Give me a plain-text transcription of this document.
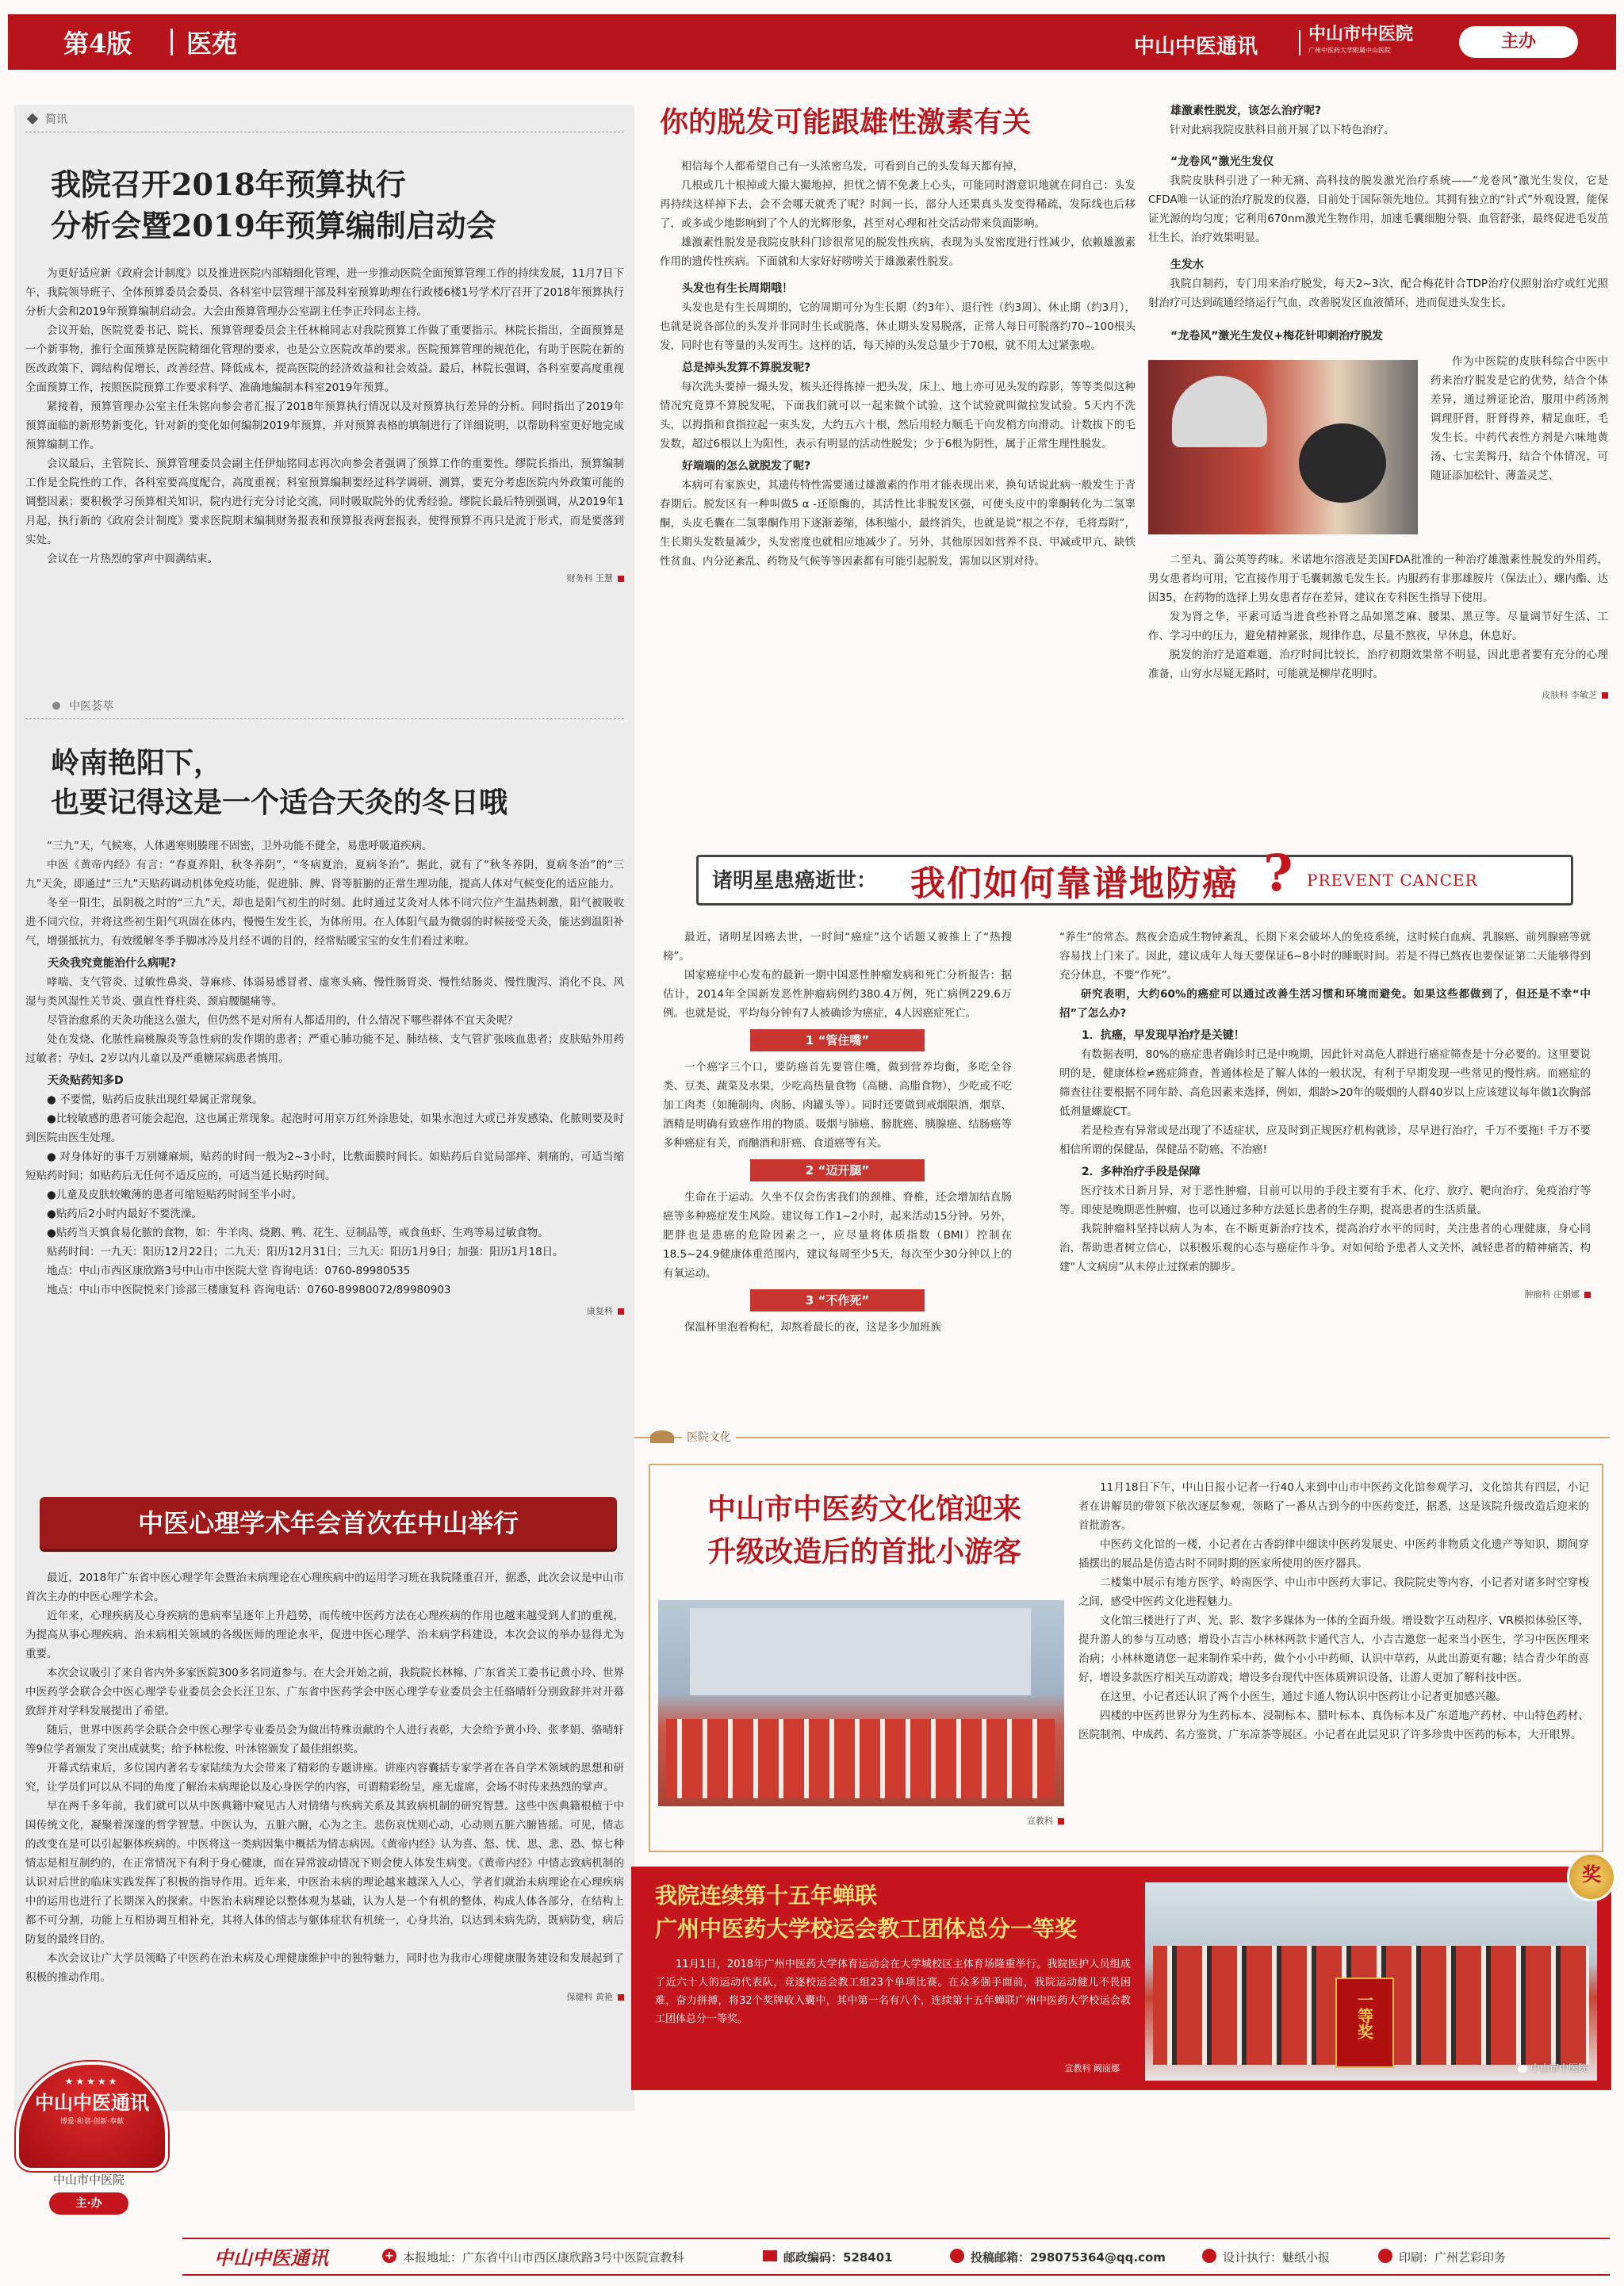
第4版 医苑	中山中医通讯
中山市中医院
广州中医药大学附属中山医院	主办
简讯
我院召开2018年预算执行
分析会暨2019年预算编制启动会

为更好适应新《政府会计制度》以及推进医院内部精细化管理，进一步推动医院全面预算管理工作的持续发展，11月7日下午，我院领导班子、全体预算委员会委员、各科室中层管理干部及科室预算助理在行政楼6楼1号学术厅召开了2018年预算执行分析大会和2019年预算编制启动会。大会由预算管理办公室副主任李正玲同志主持。

会议开始，医院党委书记、院长、预算管理委员会主任林棉同志对我院预算工作做了重要指示。林院长指出，全面预算是一个新事物，推行全面预算是医院精细化管理的要求，也是公立医院改革的要求。医院预算管理的规范化，有助于医院在新的医改政策下，调结构促增长，改善经营、降低成本，提高医院的经济效益和社会效益。最后，林院长强调，各科室要高度重视全面预算工作，按照医院预算工作要求科学、准确地编制本科室2019年预算。

紧接着，预算管理办公室主任朱铭向参会者汇报了2018年预算执行情况以及对预算执行差异的分析。同时指出了2019年预算面临的新形势新变化，针对新的变化如何编制2019年预算，并对预算表格的填制进行了详细说明，以帮助科室更好地完成预算编制工作。

会议最后，主管院长、预算管理委员会副主任伊灿铭同志再次向参会者强调了预算工作的重要性。缪院长指出，预算编制工作是全院性的工作，各科室要高度配合，高度重视；科室预算编制要经过科学调研、测算，要充分考虑医院内外政策可能的调整因素；要积极学习预算相关知识，院内进行充分讨论交流，同时吸取院外的优秀经验。缪院长最后特别强调，从2019年1月起，执行新的《政府会计制度》要求医院期末编制财务报表和预算报表两套报表，使得预算不再只是流于形式，而是要落到实处。

会议在一片热烈的掌声中圆满结束。

财务科 王慧
中医荟萃
岭南艳阳下，
也要记得这是一个适合天灸的冬日哦

“三九”天，气候寒，人体遇寒则腠理不固密，卫外功能不健全，易患呼吸道疾病。

中医《黄帝内经》有言：“春夏养阳，秋冬养阴”，“冬病夏治，夏病冬治”。据此，就有了“秋冬养阴，夏病冬治”的“三九”天灸，即通过“三九”天贴药调动机体免疫功能，促进肺、脾、肾等脏腑的正常生理功能，提高人体对气候变化的适应能力。

冬至一阳生，虽阴极之时的“三九”天，却也是阳气初生的时刻。此时通过艾灸对人体不同穴位产生温热刺激，阳气被吸收进不同穴位，并将这些初生阳气巩固在体内，慢慢生发生长，为体所用。在人体阳气最为微弱的时候接受天灸，能达到温阳补气，增强抵抗力，有效缓解冬季手脚冰冷及月经不调的目的，经常贴暖宝宝的女生们看过来啦。

天灸我究竟能治什么病呢?

哮喘、支气管炎、过敏性鼻炎、荨麻疹、体弱易感冒者、虚寒头痛、慢性肠胃炎、慢性结肠炎、慢性腹泻、消化不良、风湿与类风湿性关节炎、强直性脊柱炎、颈肩腰腿痛等。

尽管治愈系的天灸功能这么强大，但仍然不是对所有人都适用的，什么情况下哪些群体不宜天灸呢？

处在发烧、化脓性扁桃腺炎等急性病的发作期的患者；严重心肺功能不足、肺结核、支气管扩张咳血患者；皮肤贴外用药过敏者；孕妇、2岁以内儿童以及严重糖尿病患者慎用。

天灸贴药知多D

● 不要慌，贴药后皮肤出现红晕属正常现象。

●比较敏感的患者可能会起泡，这也属正常现象。起泡时可用京万红外涂患处，如果水泡过大或已并发感染、化脓则要及时到医院由医生处理。

● 对身体好的事千万别嫌麻烦，贴药的时间一般为2~3小时，比敷面膜时间长。如贴药后自觉局部痒、刺痛的，可适当缩短贴药时间；如贴药后无任何不适反应的，可适当延长贴药时间。

●儿童及皮肤较嫩薄的患者可缩短贴药时间至半小时。

●贴药后2小时内最好不要洗澡。

●贴药当天慎食易化脓的食物，如：牛羊肉、烧鹅、鸭、花生、豆制品等，戒食鱼虾、生鸡等易过敏食物。

贴药时间：一九天：阳历12月22日；二九天：阳历12月31日；三九天：阳历1月9日；加强：阳历1月18日。

地点：中山市西区康欣路3号中山市中医院大堂 咨询电话：0760-89980535

地点：中山市中医院悦来门诊部三楼康复科 咨询电话：0760-89980072/89980903

康复科
中医心理学术年会首次在中山举行

最近，2018年广东省中医心理学年会暨治未病理论在心理疾病中的运用学习班在我院隆重召开，据悉，此次会议是中山市首次主办的中医心理学术会。

近年来，心理疾病及心身疾病的患病率呈逐年上升趋势，而传统中医药方法在心理疾病的作用也越来越受到人们的重视，为提高从事心理疾病、治未病相关领域的各级医师的理论水平，促进中医心理学、治未病学科建设，本次会议的举办显得尤为重要。

本次会议吸引了来自省内外多家医院300多名同道参与。在大会开始之前，我院院长林棉、广东省关工委书记黄小玲、世界中医药学会联合会中医心理学专业委员会会长汪卫东、广东省中医药学会中医心理学专业委员会主任骆晴轩分别致辞并对开幕致辞并对学科发展提出了希望。

随后，世界中医药学会联合会中医心理学专业委员会为做出特殊贡献的个人进行表彰，大会给予黄小玲、张孝娟、骆晴轩等9位学者颁发了突出成就奖；给予林松俊、叶沐铭颁发了最佳组织奖。

开幕式结束后，多位国内著名专家陆续为大会带来了精彩的专题讲座。讲座内容囊括专家学者在各自学术领域的思想和研究，让学员们可以从不同的角度了解治未病理论以及心身医学的内容，可谓精彩纷呈，座无虚席，会场不时传来热烈的掌声。

早在两千多年前，我们就可以从中医典籍中窥见古人对情绪与疾病关系及其致病机制的研究智慧。这些中医典籍根植于中国传统文化，凝聚着深邃的哲学智慧。中医认为，五脏六腑，心为之主。悲伤哀忧则心动，心动则五脏六腑皆摇。可见，情志的改变在是可以引起躯体疾病的。中医将这一类病因集中概括为情志病因。《黄帝内经》认为喜、怒、忧、思、悲、恐、惊七种情志是相互制约的，在正常情况下有利于身心健康，而在异常波动情况下则会使人体发生病变。《黄帝内经》中情志致病机制的认识对后世的临床实践发挥了积极的指导作用。近年来，中医治未病的理论越来越深入人心，学者们就治未病理论在心理疾病中的运用也进行了长期深入的探索。中医治未病理论以整体观为基础，认为人是一个有机的整体，构成人体各部分，在结构上都不可分割，功能上互相协调互相补充，其将人体的情志与躯体症状有机统一，心身共治，以达到未病先防，既病防变，病后防复的最终目的。

本次会议让广大学员领略了中医药在治未病及心理健康维护中的独特魅力，同时也为我市心理健康服务建设和发展起到了积极的推动作用。

保健科 黄艳
★★★★★
中山中医通讯
博爱·和谐·创新·奉献
中山市中医院
主·办
你的脱发可能跟雄性激素有关

相信每个人都希望自己有一头浓密乌发，可看到自己的头发每天都有掉，

几根或几十根掉或大撮大撮地掉，担忧之情不免袭上心头，可能同时潜意识地就在问自己：头发再持续这样掉下去，会不会哪天就秃了呢？时间一长，部分人还果真头发变得稀疏，发际线也后移了，或多或少地影响到了个人的光辉形象，甚至对心理和社交活动带来负面影响。

雄激素性脱发是我院皮肤科门诊很常见的脱发性疾病，表现为头发密度进行性减少，依赖雄激素作用的遗传性疾病。下面就和大家好好唠唠关于雄激素性脱发。

头发也有生长周期哦！

头发也是有生长周期的，它的周期可分为生长期（约3年）、退行性（约3周）、休止期（约3月），也就是说各部位的头发并非同时生长或脱落，休止期头发易脱落，正常人每日可脱落约70~100根头发，同时也有等量的头发再生。这样的话，每天掉的头发总量少于70根，就不用太过紧张啦。

总是掉头发算不算脱发呢?

每次洗头要掉一撮头发，梳头还得拣掉一把头发，床上、地上亦可见头发的踪影，等等类似这种情况究竟算不算脱发呢，下面我们就可以一起来做个试验，这个试验就叫做拉发试验。5天内不洗头，以拇指和食指拉起一束头发，大约五六十根，然后用轻力顺毛干向发梢方向滑动。计数拔下的毛发数，超过6根以上为阳性，表示有明显的活动性脱发；少于6根为阴性，属于正常生理性脱发。

好端端的怎么就脱发了呢?

本病可有家族史，其遗传特性需要通过雄激素的作用才能表现出来，换句话说此病一般发生于青春期后。脱发区有一种叫做5 α -还原酶的，其活性比非脱发区强，可使头皮中的睾酮转化为二氢睾酮，头皮毛囊在二氢睾酮作用下逐渐萎缩，体积缩小，最终消失，也就是说“根之不存，毛将焉附”，生长期头发数量减少，头发密度也就相应地减少了。另外，其他原因如营养不良、甲减或甲亢、缺铁性贫血、内分泌紊乱、药物及气候等等因素都有可能引起脱发，需加以区别对待。

雄激素性脱发，该怎么治疗呢?

针对此病我院皮肤科目前开展了以下特色治疗。

“龙卷风”激光生发仪

我院皮肤科引进了一种无痛、高科技的脱发激光治疗系统——“龙卷风”激光生发仪，它是CFDA唯一认证的治疗脱发的仪器，目前处于国际领先地位。其拥有独立的“针式”外观设置，能保证光源的均匀度；它利用670nm激光生物作用，加速毛囊细胞分裂、血管舒张，最终促进毛发茁壮生长，治疗效果明显。

生发水

我院自制药，专门用来治疗脱发，每天2~3次，配合梅花针合TDP治疗仪照射治疗或红光照射治疗可达到疏通经络运行气血，改善脱发区血液循环，进而促进头发生长。

“龙卷风”激光生发仪+梅花针叩刺治疗脱发

作为中医院的皮肤科综合中医中药来治疗脱发是它的优势，结合个体差异，通过辨证论治，服用中药汤剂调理肝肾，肝肾得养，精足血旺，毛发生长。中药代表性方剂是六味地黄汤、七宝美髯丹，结合个体情况，可随证添加松针、薄盖灵芝、

二至丸、蒲公英等药味。米诺地尔溶液是美国FDA批准的一种治疗雄激素性脱发的外用药，男女患者均可用，它直接作用于毛囊刺激毛发生长。内服药有非那雄胺片（保法止）、螺内酯、达因35，在药物的选择上男女患者存在差异，建议在专科医生指导下使用。

发为肾之华，平素可适当进食些补肾之品如黑芝麻、腰果、黑豆等。尽量调节好生活、工作、学习中的压力，避免精神紧张，规律作息，尽量不熬夜，早休息，休息好。

脱发的治疗是道难题，治疗时间比较长，治疗初期效果常不明显，因此患者要有充分的心理准备，山穷水尽疑无路时，可能就是柳岸花明时。

皮肤科 李敏芝
诸明星患癌逝世： 我们如何靠谱地防癌 ? PREVENT CANCER

最近，诸明星因癌去世，一时间“癌症”这个话题又被推上了“热搜榜”。

国家癌症中心发布的最新一期中国恶性肿瘤发病和死亡分析报告：据估计，2014年全国新发恶性肿瘤病例约380.4万例，死亡病例229.6万例。也就是说，平均每分钟有7人被确诊为癌症，4人因癌症死亡。

1 “管住嘴”

一个癌字三个口，要防癌首先要管住嘴，做到营养均衡，多吃全谷类、豆类、蔬菜及水果，少吃高热量食物（高糖、高脂食物），少吃或不吃加工肉类（如腌制肉、肉肠、肉罐头等）。同时还要做到戒烟限酒，烟草、酒精是明确有致癌作用的物质。吸烟与肺癌、膀胱癌、胰腺癌、结肠癌等多种癌症有关，而酗酒和肝癌、食道癌等有关。

2 “迈开腿”

生命在于运动。久坐不仅会伤害我们的颈椎、脊椎，还会增加结直肠癌等多种癌症发生风险。建议每工作1~2小时，起来活动15分钟。另外，肥胖也是患癌的危险因素之一，应尽量将体质指数（BMI）控制在18.5~24.9健康体重范围内，建议每周至少5天，每次至少30分钟以上的有氧运动。

3 “不作死”

保温杯里泡着枸杞，却熬着最长的夜，这是多少加班族

“养生”的常态。熬夜会造成生物钟紊乱，长期下来会破坏人的免疫系统，这时候白血病、乳腺癌、前列腺癌等就容易找上门来了。因此，建议成年人每天要保证6~8小时的睡眠时间。若是不得已熬夜也要保证第二天能够得到充分休息，不要“作死”。

研究表明，大约60%的癌症可以通过改善生活习惯和环境而避免。如果这些都做到了，但还是不幸“中招”了怎么办?

1．抗癌，早发现早治疗是关键！

有数据表明，80%的癌症患者确诊时已是中晚期，因此针对高危人群进行癌症筛查是十分必要的。这里要说明的是，健康体检≠癌症筛查，普通体检是了解人体的一般状况，有利于早期发现一些常见的慢性病。而癌症的筛查往往要根据不同年龄、高危因素来选择，例如，烟龄>20年的吸烟的人群40岁以上应该建议每年做1次胸部低剂量螺旋CT。

若是检查有异常或是出现了不适症状，应及时到正规医疗机构就诊，尽早进行治疗，千万不要拖! 千万不要相信所谓的保健品，保健品不防癌，不治癌!

2．多种治疗手段是保障

医疗技术日新月异，对于恶性肿瘤，目前可以用的手段主要有手术、化疗、放疗、靶向治疗、免疫治疗等等。即使是晚期恶性肿瘤，也可以通过多种方法延长患者的生存期，提高患者的生活质量。

我院肿瘤科坚持以病人为本，在不断更新治疗技术，提高治疗水平的同时，关注患者的心理健康，身心同治，帮助患者树立信心，以积极乐观的心态与癌症作斗争。对如何给予患者人文关怀，减轻患者的精神痛苦，构建“人文病房”从未停止过探索的脚步。

肿瘤科 庄娟娜
医院文化
中山市中医药文化馆迎来
升级改造后的首批小游客
宣教科

11月18日下午，中山日报小记者一行40人来到中山市中医药文化馆参观学习，文化馆共有四层，小记者在讲解员的带领下依次逐层参观，领略了一番从古到今的中医药变迁，据悉，这是该院升级改造后迎来的首批游客。

中医药文化馆的一楼，小记者在古香韵律中细读中医药发展史、中医药非物质文化遗产等知识，期间穿插摆出的展品是仿造古时不同时期的医家所使用的医疗器具。

二楼集中展示有地方医学、岭南医学、中山市中医药大事记、我院院史等内容，小记者对诸多时空穿梭之间，感受中医药文化进程魅力。

文化馆三楼进行了声、光、影、数字多媒体为一体的全面升级。增设数字互动程序、VR模拟体验区等，提升游人的参与互动感；增设小吉吉小林林两款卡通代言人，小吉吉邀您一起来当小医生，学习中医医理来治病；小林林邀请您一起来制作采中药，做个小小中药师，认识中草药，从此出游更有趣；结合青少年的喜好，增设多款医疗相关互动游戏；增设多台现代中医体质辨识设备，让游人更加了解科技中医。

在这里，小记者还认识了两个小医生，通过卡通人物认识中医药让小记者更加感兴趣。

四楼的中医药世界分为生药标本、浸制标本、腊叶标本、真伪标本及广东道地产药材、中山特色药材、医院制剂、中成药、名方鉴赏、广东凉茶等展区。小记者在此层见识了许多珍贵中医药的标本，大开眼界。

我院连续第十五年蝉联
广州中医药大学校运会教工团体总分一等奖

11月1日，2018年广州中医药大学体育运动会在大学城校区主体育场隆重举行。我院医护人员组成了近六十人的运动代表队，竞逐校运会教工组23个单项比赛。在众多强手面前，我院运动健儿不畏困难，奋力拼搏，将32个奖牌收入囊中，其中第一名有八个，连续第十五年蝉联广州中医药大学校运会教工团体总分一等奖。

宣教科 阚丽娜
一等奖
中山市中医院
奖
中山中医通讯	+ 本报地址：广东省中山市西区康欣路3号中医院宣教科	邮政编码：528401	投稿邮箱：298075364@qq.com	设计执行：魅纸小报	印刷：广州艺彩印务
